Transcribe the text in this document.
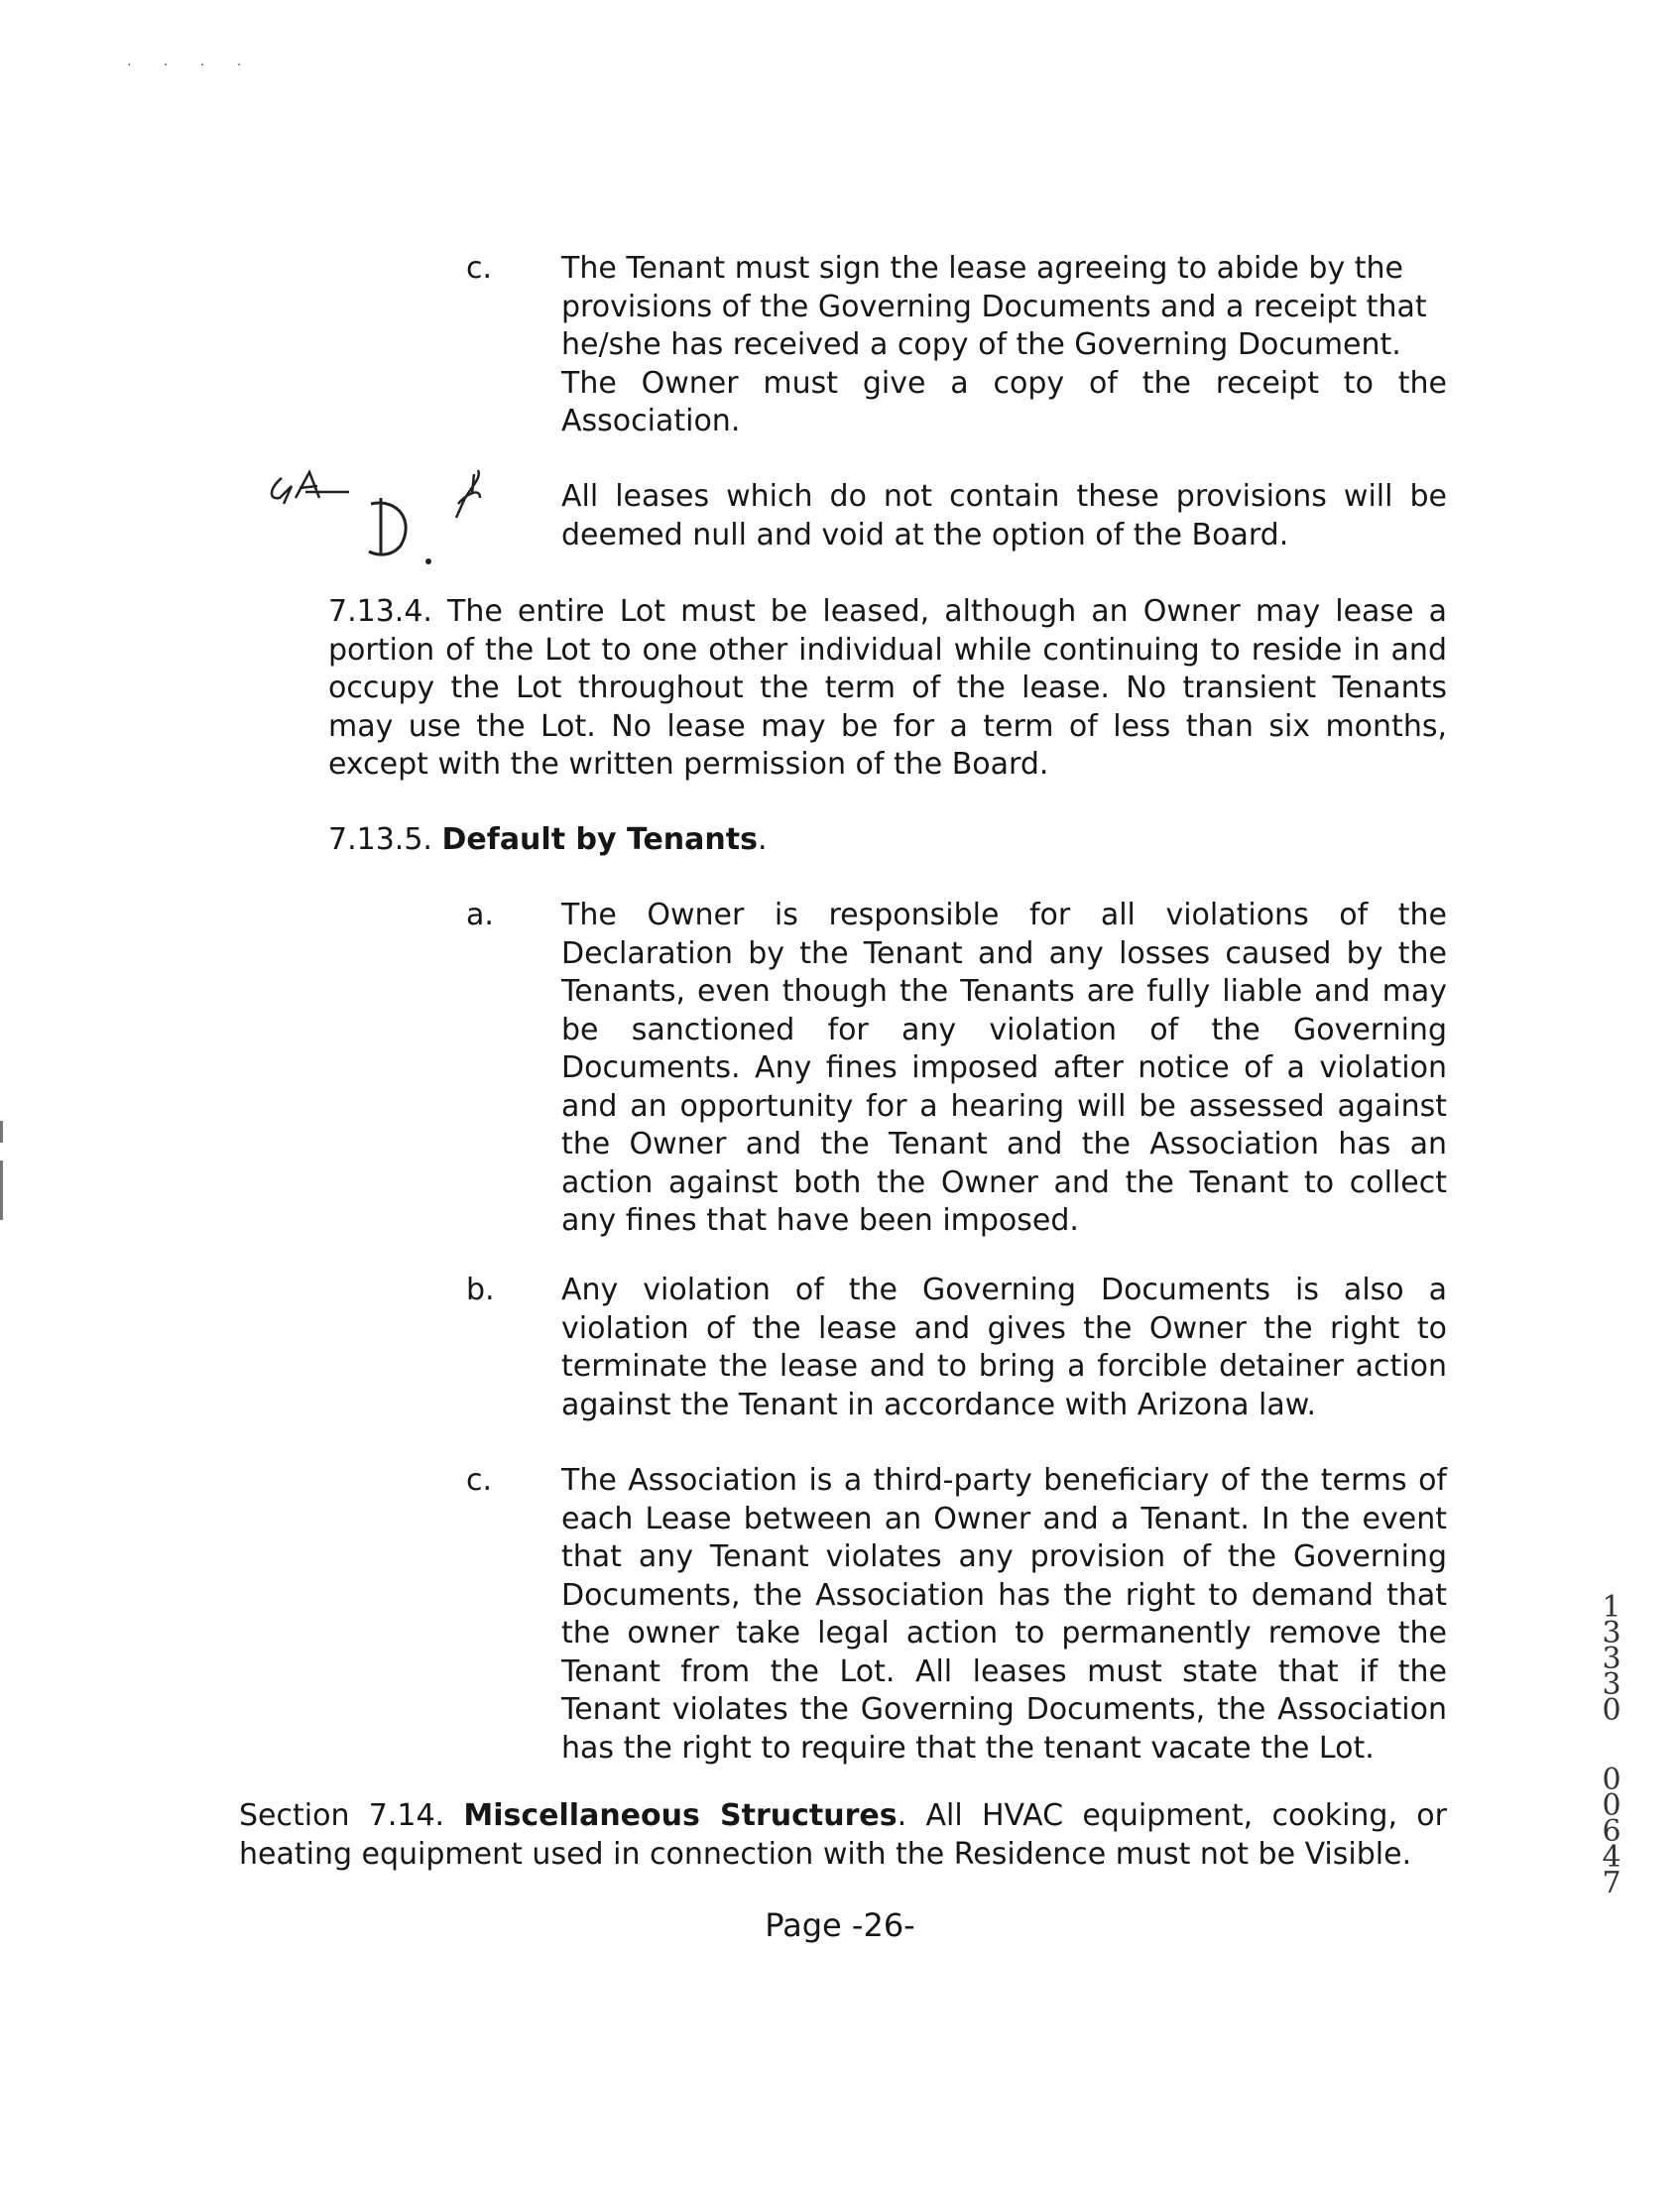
· · · ·
c. The Tenant must sign the lease agreeing to abide by the
provisions of the Governing Documents and a receipt that
he/she has received a copy of the Governing Document.
The Owner must give a copy of the receipt to the
Association.
All leases which do not contain these provisions will be
deemed null and void at the option of the Board.
7.13.4. The entire Lot must be leased, although an Owner may lease a
portion of the Lot to one other individual while continuing to reside in and
occupy the Lot throughout the term of the lease. No transient Tenants
may use the Lot. No lease may be for a term of less than six months,
except with the written permission of the Board.
7.13.5. Default by Tenants.
a. The Owner is responsible for all violations of the
Declaration by the Tenant and any losses caused by the
Tenants, even though the Tenants are fully liable and may
be sanctioned for any violation of the Governing
Documents. Any fines imposed after notice of a violation
and an opportunity for a hearing will be assessed against
the Owner and the Tenant and the Association has an
action against both the Owner and the Tenant to collect
any fines that have been imposed.
b. Any violation of the Governing Documents is also a
violation of the lease and gives the Owner the right to
terminate the lease and to bring a forcible detainer action
against the Tenant in accordance with Arizona law.
c. The Association is a third-party beneficiary of the terms of
each Lease between an Owner and a Tenant. In the event
that any Tenant violates any provision of the Governing
Documents, the Association has the right to demand that
the owner take legal action to permanently remove the
Tenant from the Lot. All leases must state that if the
Tenant violates the Governing Documents, the Association
has the right to require that the tenant vacate the Lot.
Section 7.14. Miscellaneous Structures. All HVAC equipment, cooking, or
heating equipment used in connection with the Residence must not be Visible.
Page -26-
1
3
3
3
0
0
0
6
4
7
